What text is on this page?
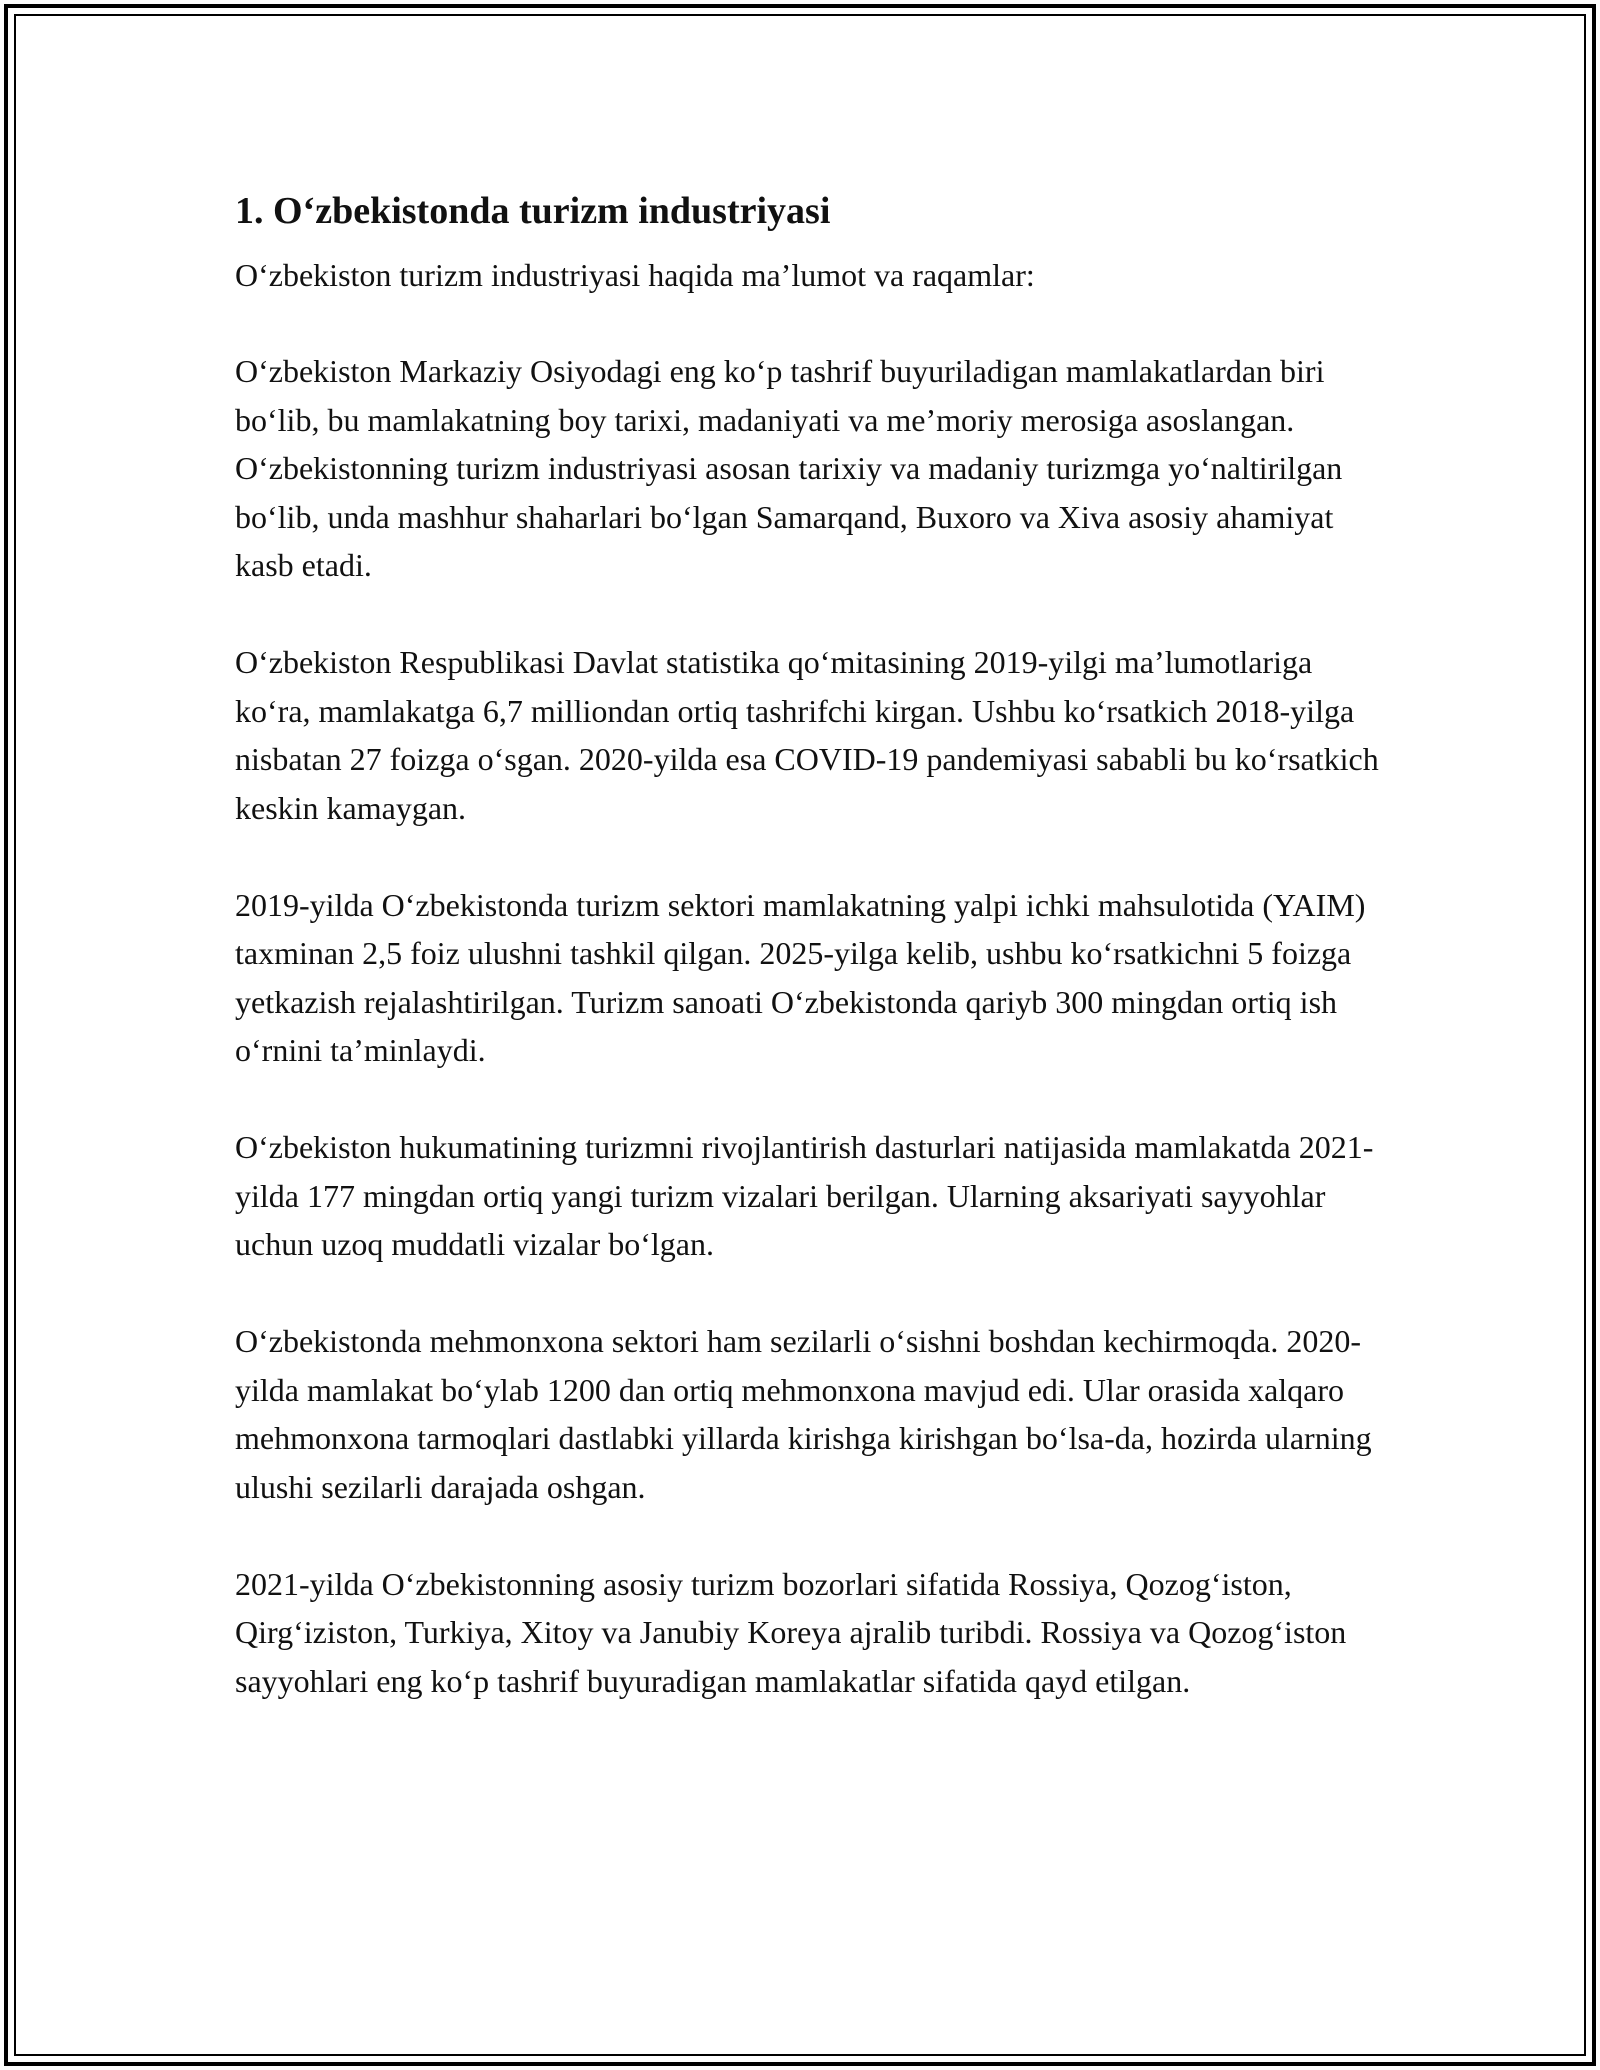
1. O‘zbekistonda turizm industriyasi

O‘zbekiston turizm industriyasi haqida ma’lumot va raqamlar:

O‘zbekiston Markaziy Osiyodagi eng ko‘p tashrif buyuriladigan mamlakatlardan biri bo‘lib, bu mamlakatning boy tarixi, madaniyati va me’moriy merosiga asoslangan. O‘zbekistonning turizm industriyasi asosan tarixiy va madaniy turizmga yo‘naltirilgan bo‘lib, unda mashhur shaharlari bo‘lgan Samarqand, Buxoro va Xiva asosiy ahamiyat kasb etadi.

O‘zbekiston Respublikasi Davlat statistika qo‘mitasining 2019-yilgi ma’lumotlariga ko‘ra, mamlakatga 6,7 milliondan ortiq tashrifchi kirgan. Ushbu ko‘rsatkich 2018-yilga nisbatan 27 foizga o‘sgan. 2020-yilda esa COVID-19 pandemiyasi sababli bu ko‘rsatkich keskin kamaygan.

2019-yilda O‘zbekistonda turizm sektori mamlakatning yalpi ichki mahsulotida (YAIM) taxminan 2,5 foiz ulushni tashkil qilgan. 2025-yilga kelib, ushbu ko‘rsatkichni 5 foizga yetkazish rejalashtirilgan. Turizm sanoati O‘zbekistonda qariyb 300 mingdan ortiq ish o‘rnini ta’minlaydi.

O‘zbekiston hukumatining turizmni rivojlantirish dasturlari natijasida mamlakatda 2021-yilda 177 mingdan ortiq yangi turizm vizalari berilgan. Ularning aksariyati sayyohlar uchun uzoq muddatli vizalar bo‘lgan.

O‘zbekistonda mehmonxona sektori ham sezilarli o‘sishni boshdan kechirmoqda. 2020-yilda mamlakat bo‘ylab 1200 dan ortiq mehmonxona mavjud edi. Ular orasida xalqaro mehmonxona tarmoqlari dastlabki yillarda kirishga kirishgan bo‘lsa-da, hozirda ularning ulushi sezilarli darajada oshgan.

2021-yilda O‘zbekistonning asosiy turizm bozorlari sifatida Rossiya, Qozog‘iston, Qirg‘iziston, Turkiya, Xitoy va Janubiy Koreya ajralib turibdi. Rossiya va Qozog‘iston sayyohlari eng ko‘p tashrif buyuradigan mamlakatlar sifatida qayd etilgan.
